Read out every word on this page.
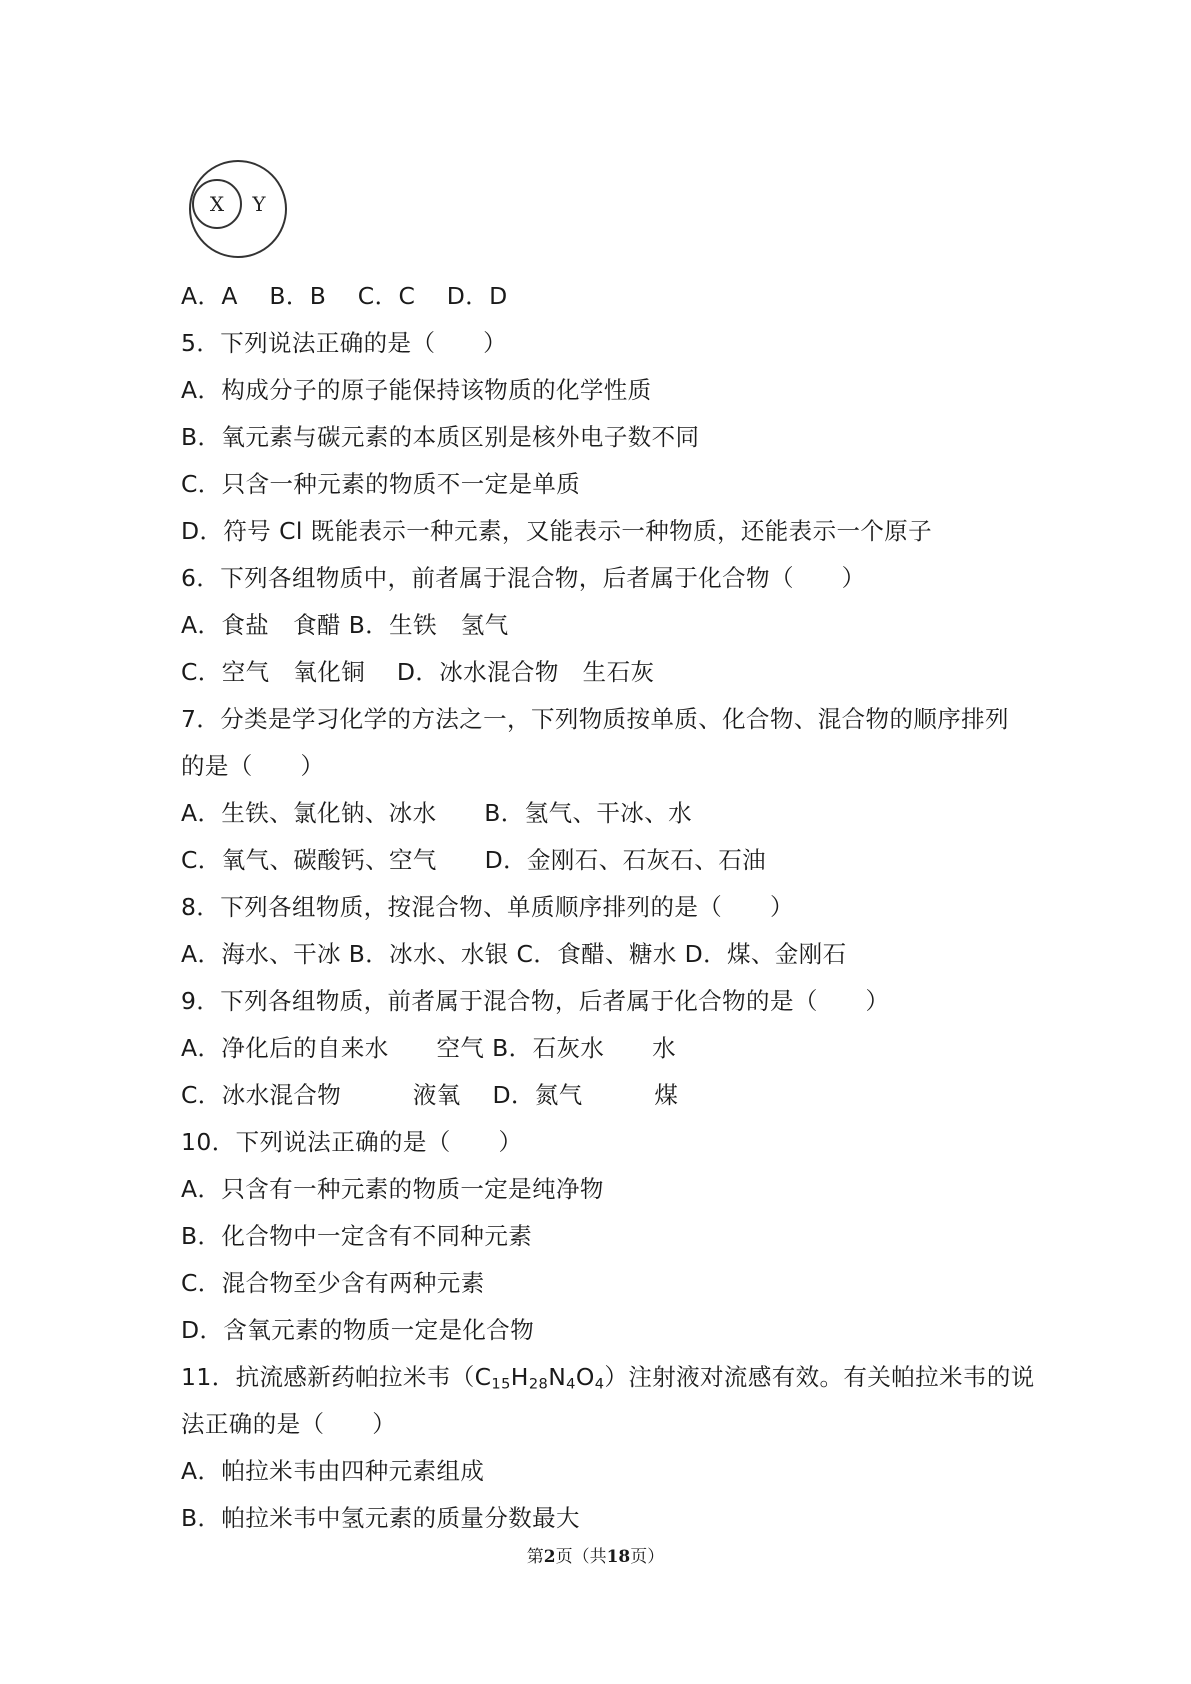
X Y
A．A    B．B    C．C    D．D
5．下列说法正确的是（　　）
A．构成分子的原子能保持该物质的化学性质
B．氧元素与碳元素的本质区别是核外电子数不同
C．只含一种元素的物质不一定是单质
D．符号 Cl 既能表示一种元素，又能表示一种物质，还能表示一个原子
6．下列各组物质中，前者属于混合物，后者属于化合物（　　）
A．食盐　食醋 B．生铁　氢气
C．空气　氧化铜　 D．冰水混合物　生石灰
7．分类是学习化学的方法之一，下列物质按单质、化合物、混合物的顺序排列
的是（　　）
A．生铁、氯化钠、冰水　　B．氢气、干冰、水
C．氧气、碳酸钙、空气　　D．金刚石、石灰石、石油
8．下列各组物质，按混合物、单质顺序排列的是（　　）
A．海水、干冰 B．冰水、水银 C．食醋、糖水 D．煤、金刚石
9．下列各组物质，前者属于混合物，后者属于化合物的是（　　）
A．净化后的自来水　　空气 B．石灰水　　水
C．冰水混合物　　　液氧　 D．氮气　　　煤
10．下列说法正确的是（　　）
A．只含有一种元素的物质一定是纯净物
B．化合物中一定含有不同种元素
C．混合物至少含有两种元素
D．含氧元素的物质一定是化合物
11．抗流感新药帕拉米韦$(C_{15}H_{28}N_4O_4)$注射液对流感有效。有关帕拉米韦的说
法正确的是（　　）
A．帕拉米韦由四种元素组成
B．帕拉米韦中氢元素的质量分数最大
第2页（共18页）
